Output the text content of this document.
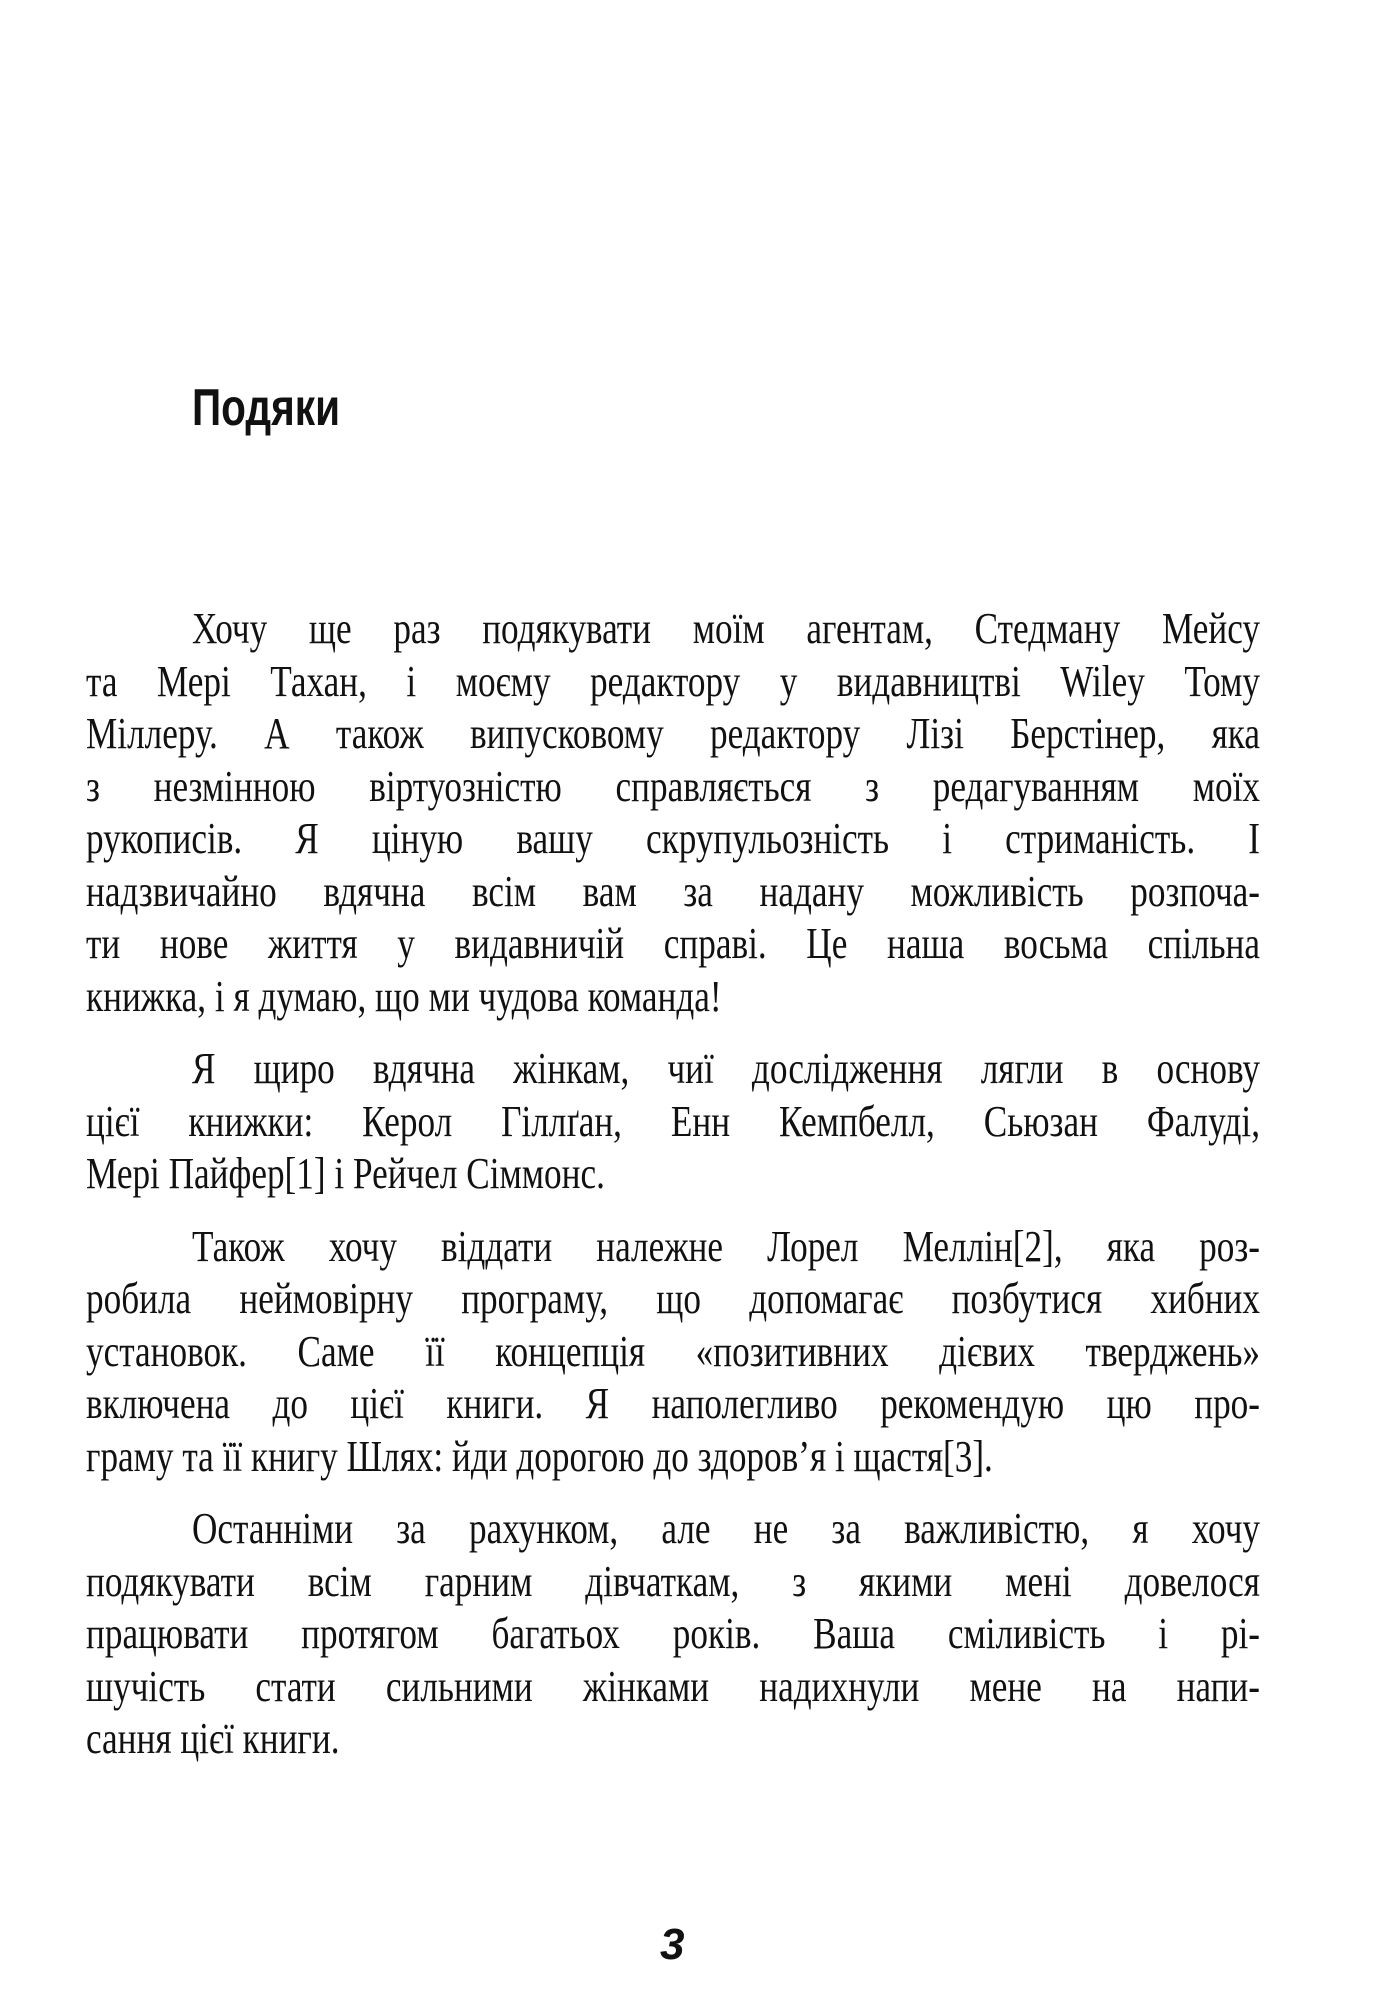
Подяки
Хочу ще раз подякувати моїм агентам, Стедману Мейсу
та Мері Тахан, і моєму редактору у видавництві Wiley Тому
Міллеру. А також випусковому редактору Лізі Берстінер, яка
з незмінною віртуозністю справляється з редагуванням моїх
рукописів. Я ціную вашу скрупульозність і стриманість. І
надзвичайно вдячна всім вам за надану можливість розпоча-
ти нове життя у видавничій справі. Це наша восьма спільна
книжка, і я думаю, що ми чудова команда!
Я щиро вдячна жінкам, чиї дослідження лягли в основу
цієї книжки: Керол Гіллґан, Енн Кемпбелл, Сьюзан Фалуді,
Мері Пайфер[1] і Рейчел Сіммонс.
Також хочу віддати належне Лорел Меллін[2], яка роз-
робила неймовірну програму, що допомагає позбутися хибних
установок. Саме її концепція «позитивних дієвих тверджень»
включена до цієї книги. Я наполегливо рекомендую цю про-
граму та її книгу Шлях: йди дорогою до здоров’я і щастя[3].
Останніми за рахунком, але не за важливістю, я хочу
подякувати всім гарним дівчаткам, з якими мені довелося
працювати протягом багатьох років. Ваша сміливість і рі-
шучість стати сильними жінками надихнули мене на напи-
сання цієї книги.
3
